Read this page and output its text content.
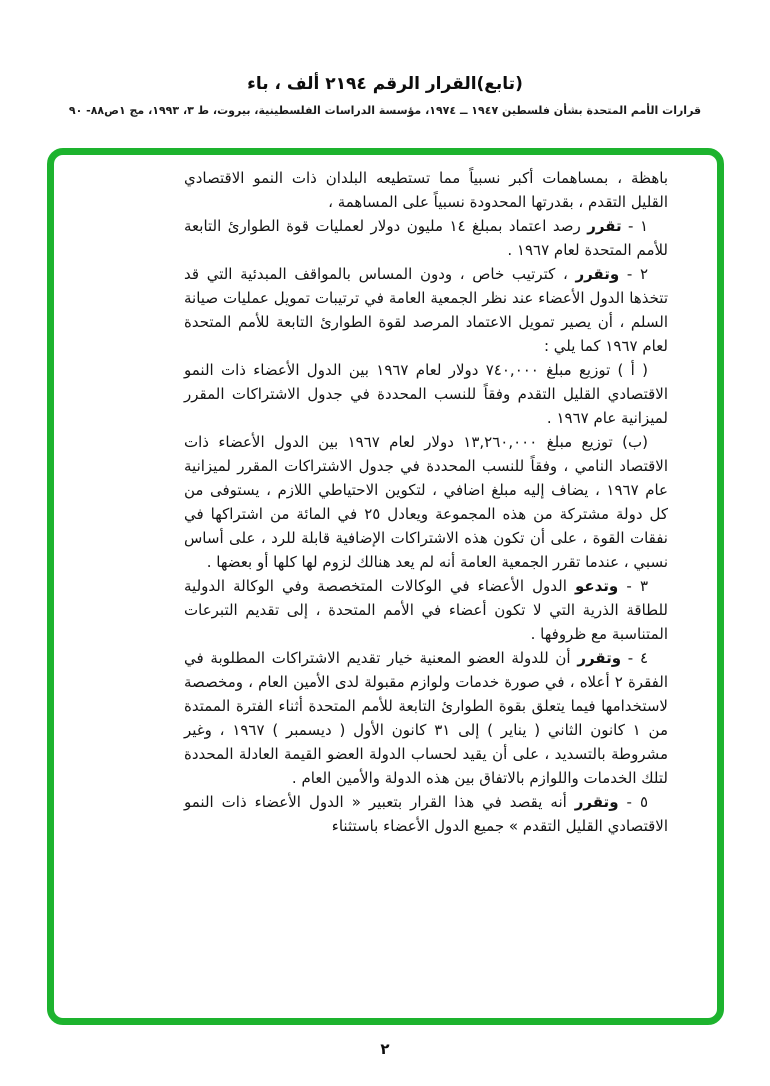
(تابع)القرار الرقم ٢١٩٤ ألف ، باء
قرارات الأمم المتحدة بشأن فلسطين ١٩٤٧ ــ ١٩٧٤، مؤسسة الدراسات الفلسطينية، بيروت، ط ٣، ١٩٩٣، مج ١ص٨٨- ٩٠

باهظة ، بمساهمات أكبر نسبياً مما تستطيعه البلدان ذات النمو الاقتصادي القليل التقدم ، بقدرتها المحدودة نسبياً على المساهمة ،

١ - تقرر رصد اعتماد بمبلغ ١٤ مليون دولار لعمليات قوة الطوارئ التابعة للأمم المتحدة لعام ١٩٦٧ .

٢ - وتقرر ، كترتيب خاص ، ودون المساس بالمواقف المبدئية التي قد تتخذها الدول الأعضاء عند نظر الجمعية العامة في ترتيبات تمويل عمليات صيانة السلم ، أن يصير تمويل الاعتماد المرصد لقوة الطوارئ التابعة للأمم المتحدة لعام ١٩٦٧ كما يلي :

( أ ) توزيع مبلغ ٧٤٠,٠٠٠ دولار لعام ١٩٦٧ بين الدول الأعضاء ذات النمو الاقتصادي القليل التقدم وفقاً للنسب المحددة في جدول الاشتراكات المقرر لميزانية عام ١٩٦٧ .

(ب) توزيع مبلغ ١٣,٢٦٠,٠٠٠ دولار لعام ١٩٦٧ بين الدول الأعضاء ذات الاقتصاد النامي ، وفقاً للنسب المحددة في جدول الاشتراكات المقرر لميزانية عام ١٩٦٧ ، يضاف إليه مبلغ اضافي ، لتكوين الاحتياطي اللازم ، يستوفى من كل دولة مشتركة من هذه المجموعة ويعادل ٢٥ في المائة من اشتراكها في نفقات القوة ، على أن تكون هذه الاشتراكات الإضافية قابلة للرد ، على أساس نسبي ، عندما تقرر الجمعية العامة أنه لم يعد هنالك لزوم لها كلها أو بعضها .

٣ - وتدعو الدول الأعضاء في الوكالات المتخصصة وفي الوكالة الدولية للطاقة الذرية التي لا تكون أعضاء في الأمم المتحدة ، إلى تقديم التبرعات المتناسبة مع ظروفها .

٤ - وتقرر أن للدولة العضو المعنية خيار تقديم الاشتراكات المطلوبة في الفقرة ٢ أعلاه ، في صورة خدمات ولوازم مقبولة لدى الأمين العام ، ومخصصة لاستخدامها فيما يتعلق بقوة الطوارئ التابعة للأمم المتحدة أثناء الفترة الممتدة من ١ كانون الثاني ( يناير ) إلى ٣١ كانون الأول ( ديسمبر ) ١٩٦٧ ، وغير مشروطة بالتسديد ، على أن يقيد لحساب الدولة العضو القيمة العادلة المحددة لتلك الخدمات واللوازم بالاتفاق بين هذه الدولة والأمين العام .

٥ - وتقرر أنه يقصد في هذا القرار بتعبير « الدول الأعضاء ذات النمو الاقتصادي القليل التقدم » جميع الدول الأعضاء باستثناء

٢
